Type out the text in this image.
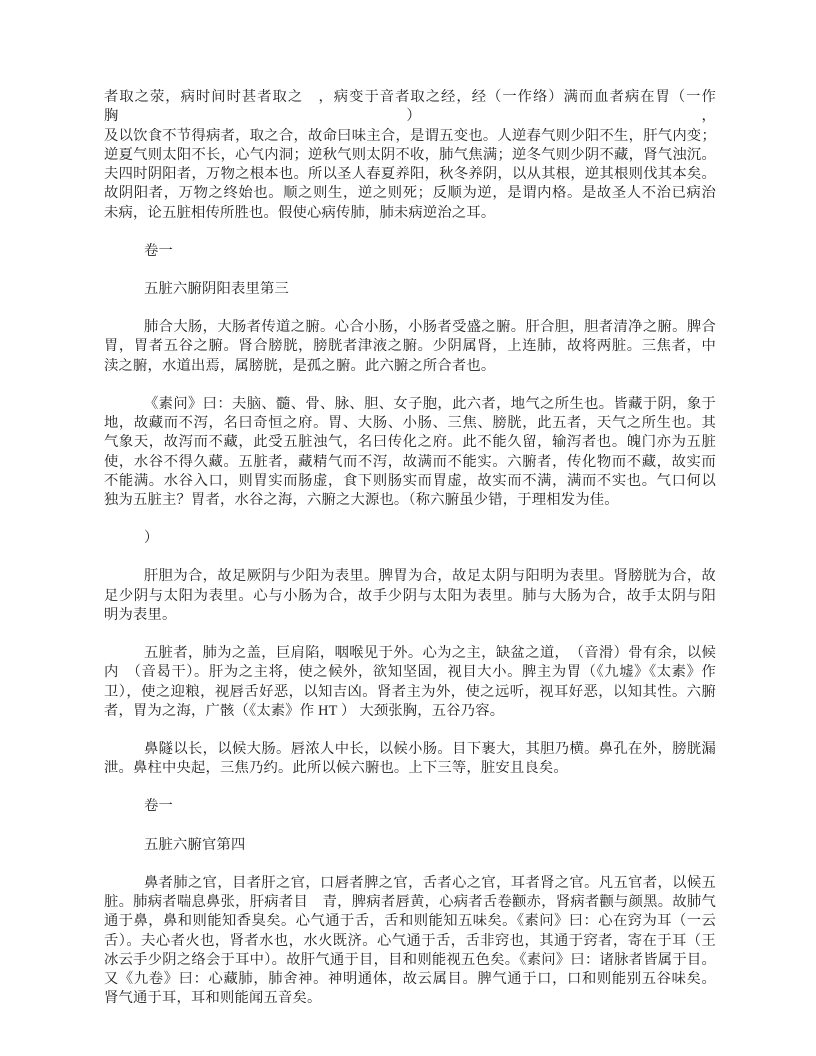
者取之荥，病时间时甚者取之　，病变于音者取之经，经（一作络）满而血者病在胃（一作胸），
及以饮食不节得病者，取之合，故命曰味主合，是谓五变也。人逆春气则少阳不生，肝气内变；
逆夏气则太阳不长，心气内洞；逆秋气则太阴不收，肺气焦满；逆冬气则少阴不藏，肾气浊沉。
夫四时阴阳者，万物之根本也。所以圣人春夏养阳，秋冬养阴，以从其根，逆其根则伐其本矣。
故阴阳者，万物之终始也。顺之则生，逆之则死；反顺为逆，是谓内格。是故圣人不治已病治
未病，论五脏相传所胜也。假使心病传肺，肺未病逆治之耳。
卷一
五脏六腑阴阳表里第三
肺合大肠，大肠者传道之腑。心合小肠，小肠者受盛之腑。肝合胆，胆者清净之腑。脾合
胃，胃者五谷之腑。肾合膀胱，膀胱者津液之腑。少阴属肾，上连肺，故将两脏。三焦者，中
渎之腑，水道出焉，属膀胱，是孤之腑。此六腑之所合者也。
《素问》曰：夫脑、髓、骨、脉、胆、女子胞，此六者，地气之所生也。皆藏于阴，象于
地，故藏而不泻，名曰奇恒之府。胃、大肠、小肠、三焦、膀胱，此五者，天气之所生也。其
气象天，故泻而不藏，此受五脏浊气，名曰传化之府。此不能久留，输泻者也。魄门亦为五脏
使，水谷不得久藏。五脏者，藏精气而不泻，故满而不能实。六腑者，传化物而不藏，故实而
不能满。水谷入口，则胃实而肠虚，食下则肠实而胃虚，故实而不满，满而不实也。气口何以
独为五脏主？胃者，水谷之海，六腑之大源也。（称六腑虽少错，于理相发为佳。
）
肝胆为合，故足厥阴与少阳为表里。脾胃为合，故足太阴与阳明为表里。肾膀胱为合，故
足少阴与太阳为表里。心与小肠为合，故手少阴与太阳为表里。肺与大肠为合，故手太阴与阳
明为表里。
五脏者，肺为之盖，巨肩陷，咽喉见于外。心为之主，缺盆之道，　（音滑）骨有余，以候
内　（音曷干）。肝为之主将，使之候外，欲知坚固，视目大小。脾主为胃（《九墟》《太素》作
卫），使之迎粮，视唇舌好恶，以知吉凶。肾者主为外，使之远听，视耳好恶，以知其性。六腑
者，胃为之海，广骸（《太素》作 HT ） 大颈张胸，五谷乃容。
鼻隧以长，以候大肠。唇浓人中长，以候小肠。目下裹大，其胆乃横。鼻孔在外，膀胱漏
泄。鼻柱中央起，三焦乃约。此所以候六腑也。上下三等，脏安且良矣。
卷一
五脏六腑官第四
鼻者肺之官，目者肝之官，口唇者脾之官，舌者心之官，耳者肾之官。凡五官者，以候五
脏。肺病者喘息鼻张，肝病者目　青，脾病者唇黄，心病者舌卷颧赤，肾病者颧与颜黑。故肺气
通于鼻，鼻和则能知香臭矣。心气通于舌，舌和则能知五味矣。《素问》曰：心在窍为耳（一云
舌）。夫心者火也，肾者水也，水火既济。心气通于舌，舌非窍也，其通于窍者，寄在于耳（王
冰云手少阴之络会于耳中）。故肝气通于目，目和则能视五色矣。《素问》曰：诸脉者皆属于目。
又《九卷》曰：心藏肺，肺舍神。神明通体，故云属目。脾气通于口，口和则能别五谷味矣。
肾气通于耳，耳和则能闻五音矣。
